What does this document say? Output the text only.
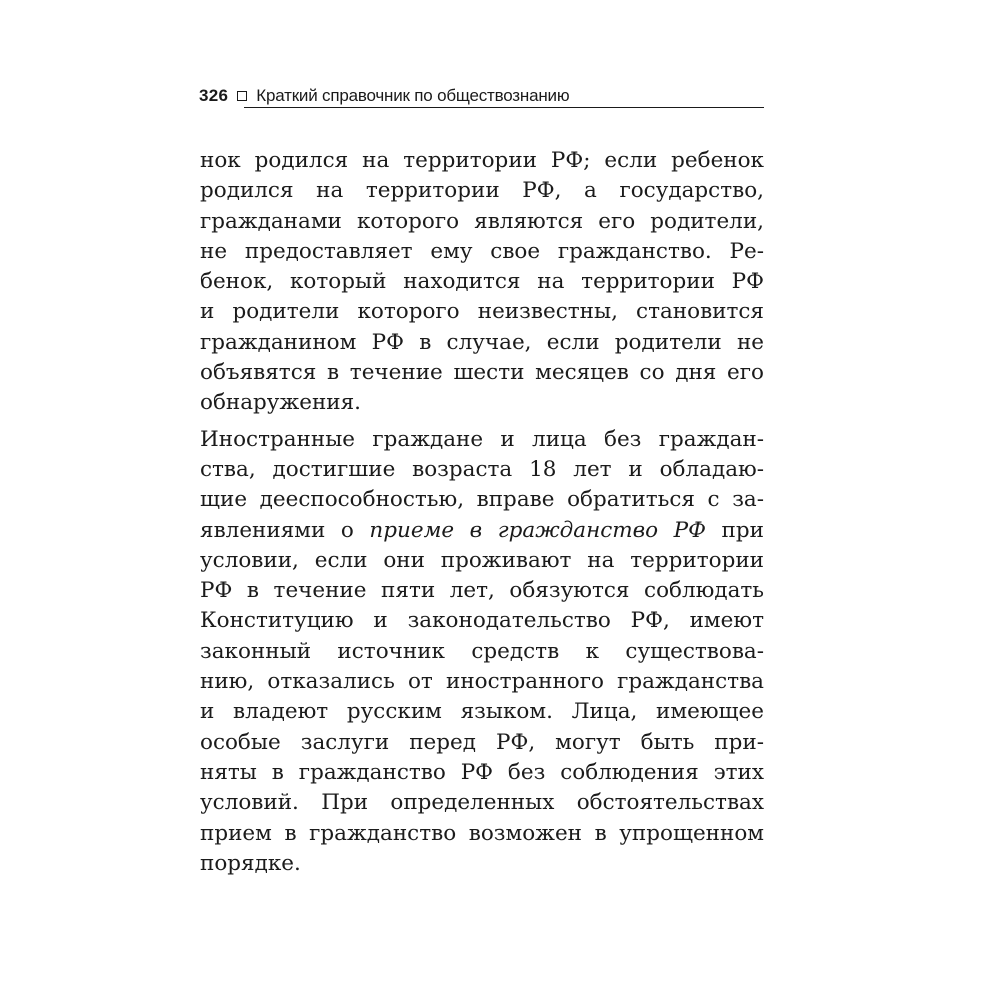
326 Краткий справочник по обществознанию
нок родился на территории РФ; если ребенок
родился на территории РФ, а государство,
гражданами которого являются его родители,
не предоставляет ему свое гражданство. Ре-
бенок, который находится на территории РФ
и родители которого неизвестны, становится
гражданином РФ в случае, если родители не
объявятся в течение шести месяцев со дня его
обнаружения.
Иностранные граждане и лица без граждан-
ства, достигшие возраста 18 лет и обладаю-
щие дееспособностью, вправе обратиться с за-
явлениями о приеме в гражданство РФ при
условии, если они проживают на территории
РФ в течение пяти лет, обязуются соблюдать
Конституцию и законодательство РФ, имеют
законный источник средств к существова-
нию, отказались от иностранного гражданства
и владеют русским языком. Лица, имеющее
особые заслуги перед РФ, могут быть при-
няты в гражданство РФ без соблюдения этих
условий. При определенных обстоятельствах
прием в гражданство возможен в упрощенном
порядке.
